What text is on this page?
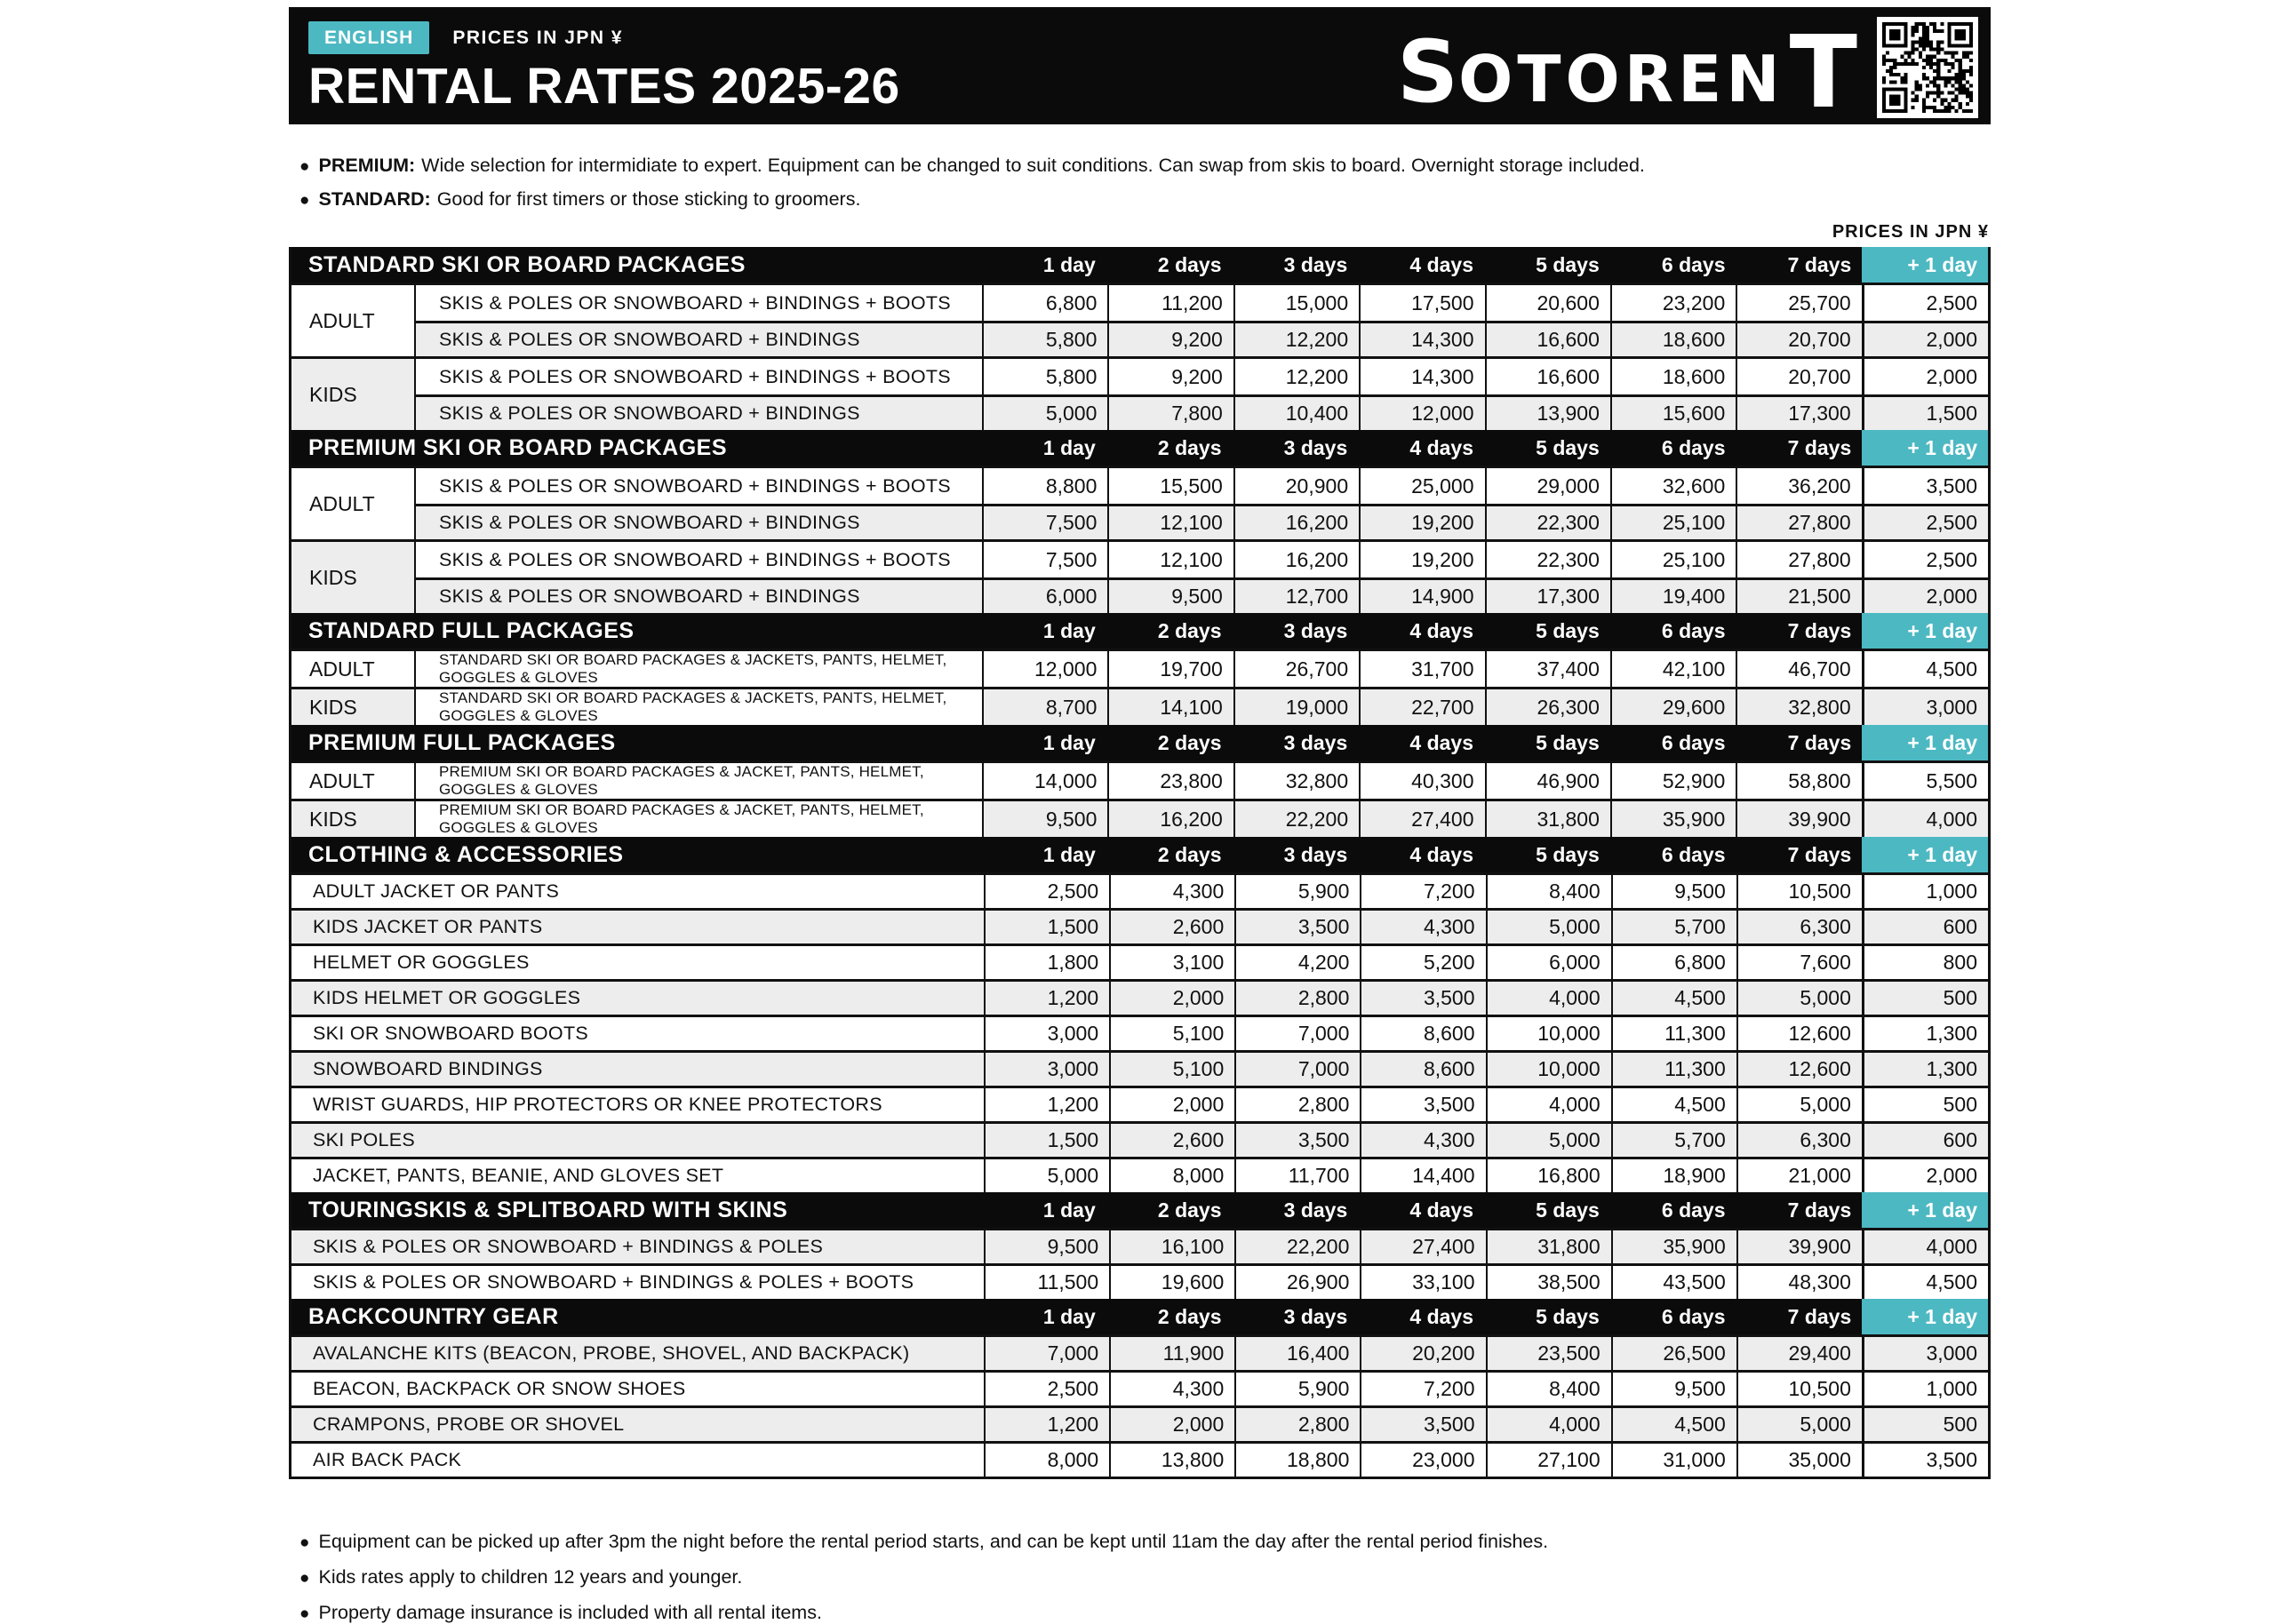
ENGLISH	PRICES IN JPN ¥
RENTAL RATES 2025-26	S OTOREN T
●
PREMIUM: Wide selection for intermidiate to expert. Equipment can be changed to suit conditions. Can swap from skis to board. Overnight storage included.
●
STANDARD: Good for first timers or those sticking to groomers.
PRICES IN JPN ¥
STANDARD SKI OR BOARD PACKAGES	1 day	2 days	3 days	4 days	5 days	6 days	7 days	+ 1 day
ADULT
SKIS & POLES OR SNOWBOARD + BINDINGS + BOOTS	6,800	11,200	15,000	17,500	20,600	23,200	25,700	2,500
SKIS & POLES OR SNOWBOARD + BINDINGS	5,800	9,200	12,200	14,300	16,600	18,600	20,700	2,000
KIDS
SKIS & POLES OR SNOWBOARD + BINDINGS + BOOTS	5,800	9,200	12,200	14,300	16,600	18,600	20,700	2,000
SKIS & POLES OR SNOWBOARD + BINDINGS	5,000	7,800	10,400	12,000	13,900	15,600	17,300	1,500
PREMIUM SKI OR BOARD PACKAGES	1 day	2 days	3 days	4 days	5 days	6 days	7 days	+ 1 day
ADULT
SKIS & POLES OR SNOWBOARD + BINDINGS + BOOTS	8,800	15,500	20,900	25,000	29,000	32,600	36,200	3,500
SKIS & POLES OR SNOWBOARD + BINDINGS	7,500	12,100	16,200	19,200	22,300	25,100	27,800	2,500
KIDS
SKIS & POLES OR SNOWBOARD + BINDINGS + BOOTS	7,500	12,100	16,200	19,200	22,300	25,100	27,800	2,500
SKIS & POLES OR SNOWBOARD + BINDINGS	6,000	9,500	12,700	14,900	17,300	19,400	21,500	2,000
STANDARD FULL PACKAGES	1 day	2 days	3 days	4 days	5 days	6 days	7 days	+ 1 day
ADULT	STANDARD SKI OR BOARD PACKAGES & JACKETS, PANTS, HELMET, GOGGLES & GLOVES	12,000	19,700	26,700	31,700	37,400	42,100	46,700	4,500
KIDS	STANDARD SKI OR BOARD PACKAGES & JACKETS, PANTS, HELMET, GOGGLES & GLOVES	8,700	14,100	19,000	22,700	26,300	29,600	32,800	3,000
PREMIUM FULL PACKAGES	1 day	2 days	3 days	4 days	5 days	6 days	7 days	+ 1 day
ADULT	PREMIUM SKI OR BOARD PACKAGES & JACKET, PANTS, HELMET, GOGGLES & GLOVES	14,000	23,800	32,800	40,300	46,900	52,900	58,800	5,500
KIDS	PREMIUM SKI OR BOARD PACKAGES & JACKET, PANTS, HELMET, GOGGLES & GLOVES	9,500	16,200	22,200	27,400	31,800	35,900	39,900	4,000
CLOTHING & ACCESSORIES	1 day	2 days	3 days	4 days	5 days	6 days	7 days	+ 1 day
ADULT JACKET OR PANTS	2,500	4,300	5,900	7,200	8,400	9,500	10,500	1,000
KIDS JACKET OR PANTS	1,500	2,600	3,500	4,300	5,000	5,700	6,300	600
HELMET OR GOGGLES	1,800	3,100	4,200	5,200	6,000	6,800	7,600	800
KIDS HELMET OR GOGGLES	1,200	2,000	2,800	3,500	4,000	4,500	5,000	500
SKI OR SNOWBOARD BOOTS	3,000	5,100	7,000	8,600	10,000	11,300	12,600	1,300
SNOWBOARD BINDINGS	3,000	5,100	7,000	8,600	10,000	11,300	12,600	1,300
WRIST GUARDS, HIP PROTECTORS OR KNEE PROTECTORS	1,200	2,000	2,800	3,500	4,000	4,500	5,000	500
SKI POLES	1,500	2,600	3,500	4,300	5,000	5,700	6,300	600
JACKET, PANTS, BEANIE, AND GLOVES SET	5,000	8,000	11,700	14,400	16,800	18,900	21,000	2,000
TOURINGSKIS & SPLITBOARD WITH SKINS	1 day	2 days	3 days	4 days	5 days	6 days	7 days	+ 1 day
SKIS & POLES OR SNOWBOARD + BINDINGS & POLES	9,500	16,100	22,200	27,400	31,800	35,900	39,900	4,000
SKIS & POLES OR SNOWBOARD + BINDINGS & POLES + BOOTS	11,500	19,600	26,900	33,100	38,500	43,500	48,300	4,500
BACKCOUNTRY GEAR	1 day	2 days	3 days	4 days	5 days	6 days	7 days	+ 1 day
AVALANCHE KITS (BEACON, PROBE, SHOVEL, AND BACKPACK)	7,000	11,900	16,400	20,200	23,500	26,500	29,400	3,000
BEACON, BACKPACK OR SNOW SHOES	2,500	4,300	5,900	7,200	8,400	9,500	10,500	1,000
CRAMPONS, PROBE OR SHOVEL	1,200	2,000	2,800	3,500	4,000	4,500	5,000	500
AIR BACK PACK	8,000	13,800	18,800	23,000	27,100	31,000	35,000	3,500
●
Equipment can be picked up after 3pm the night before the rental period starts, and can be kept until 11am the day after the rental period finishes.
●
Kids rates apply to children 12 years and younger.
●
Property damage insurance is included with all rental items.
